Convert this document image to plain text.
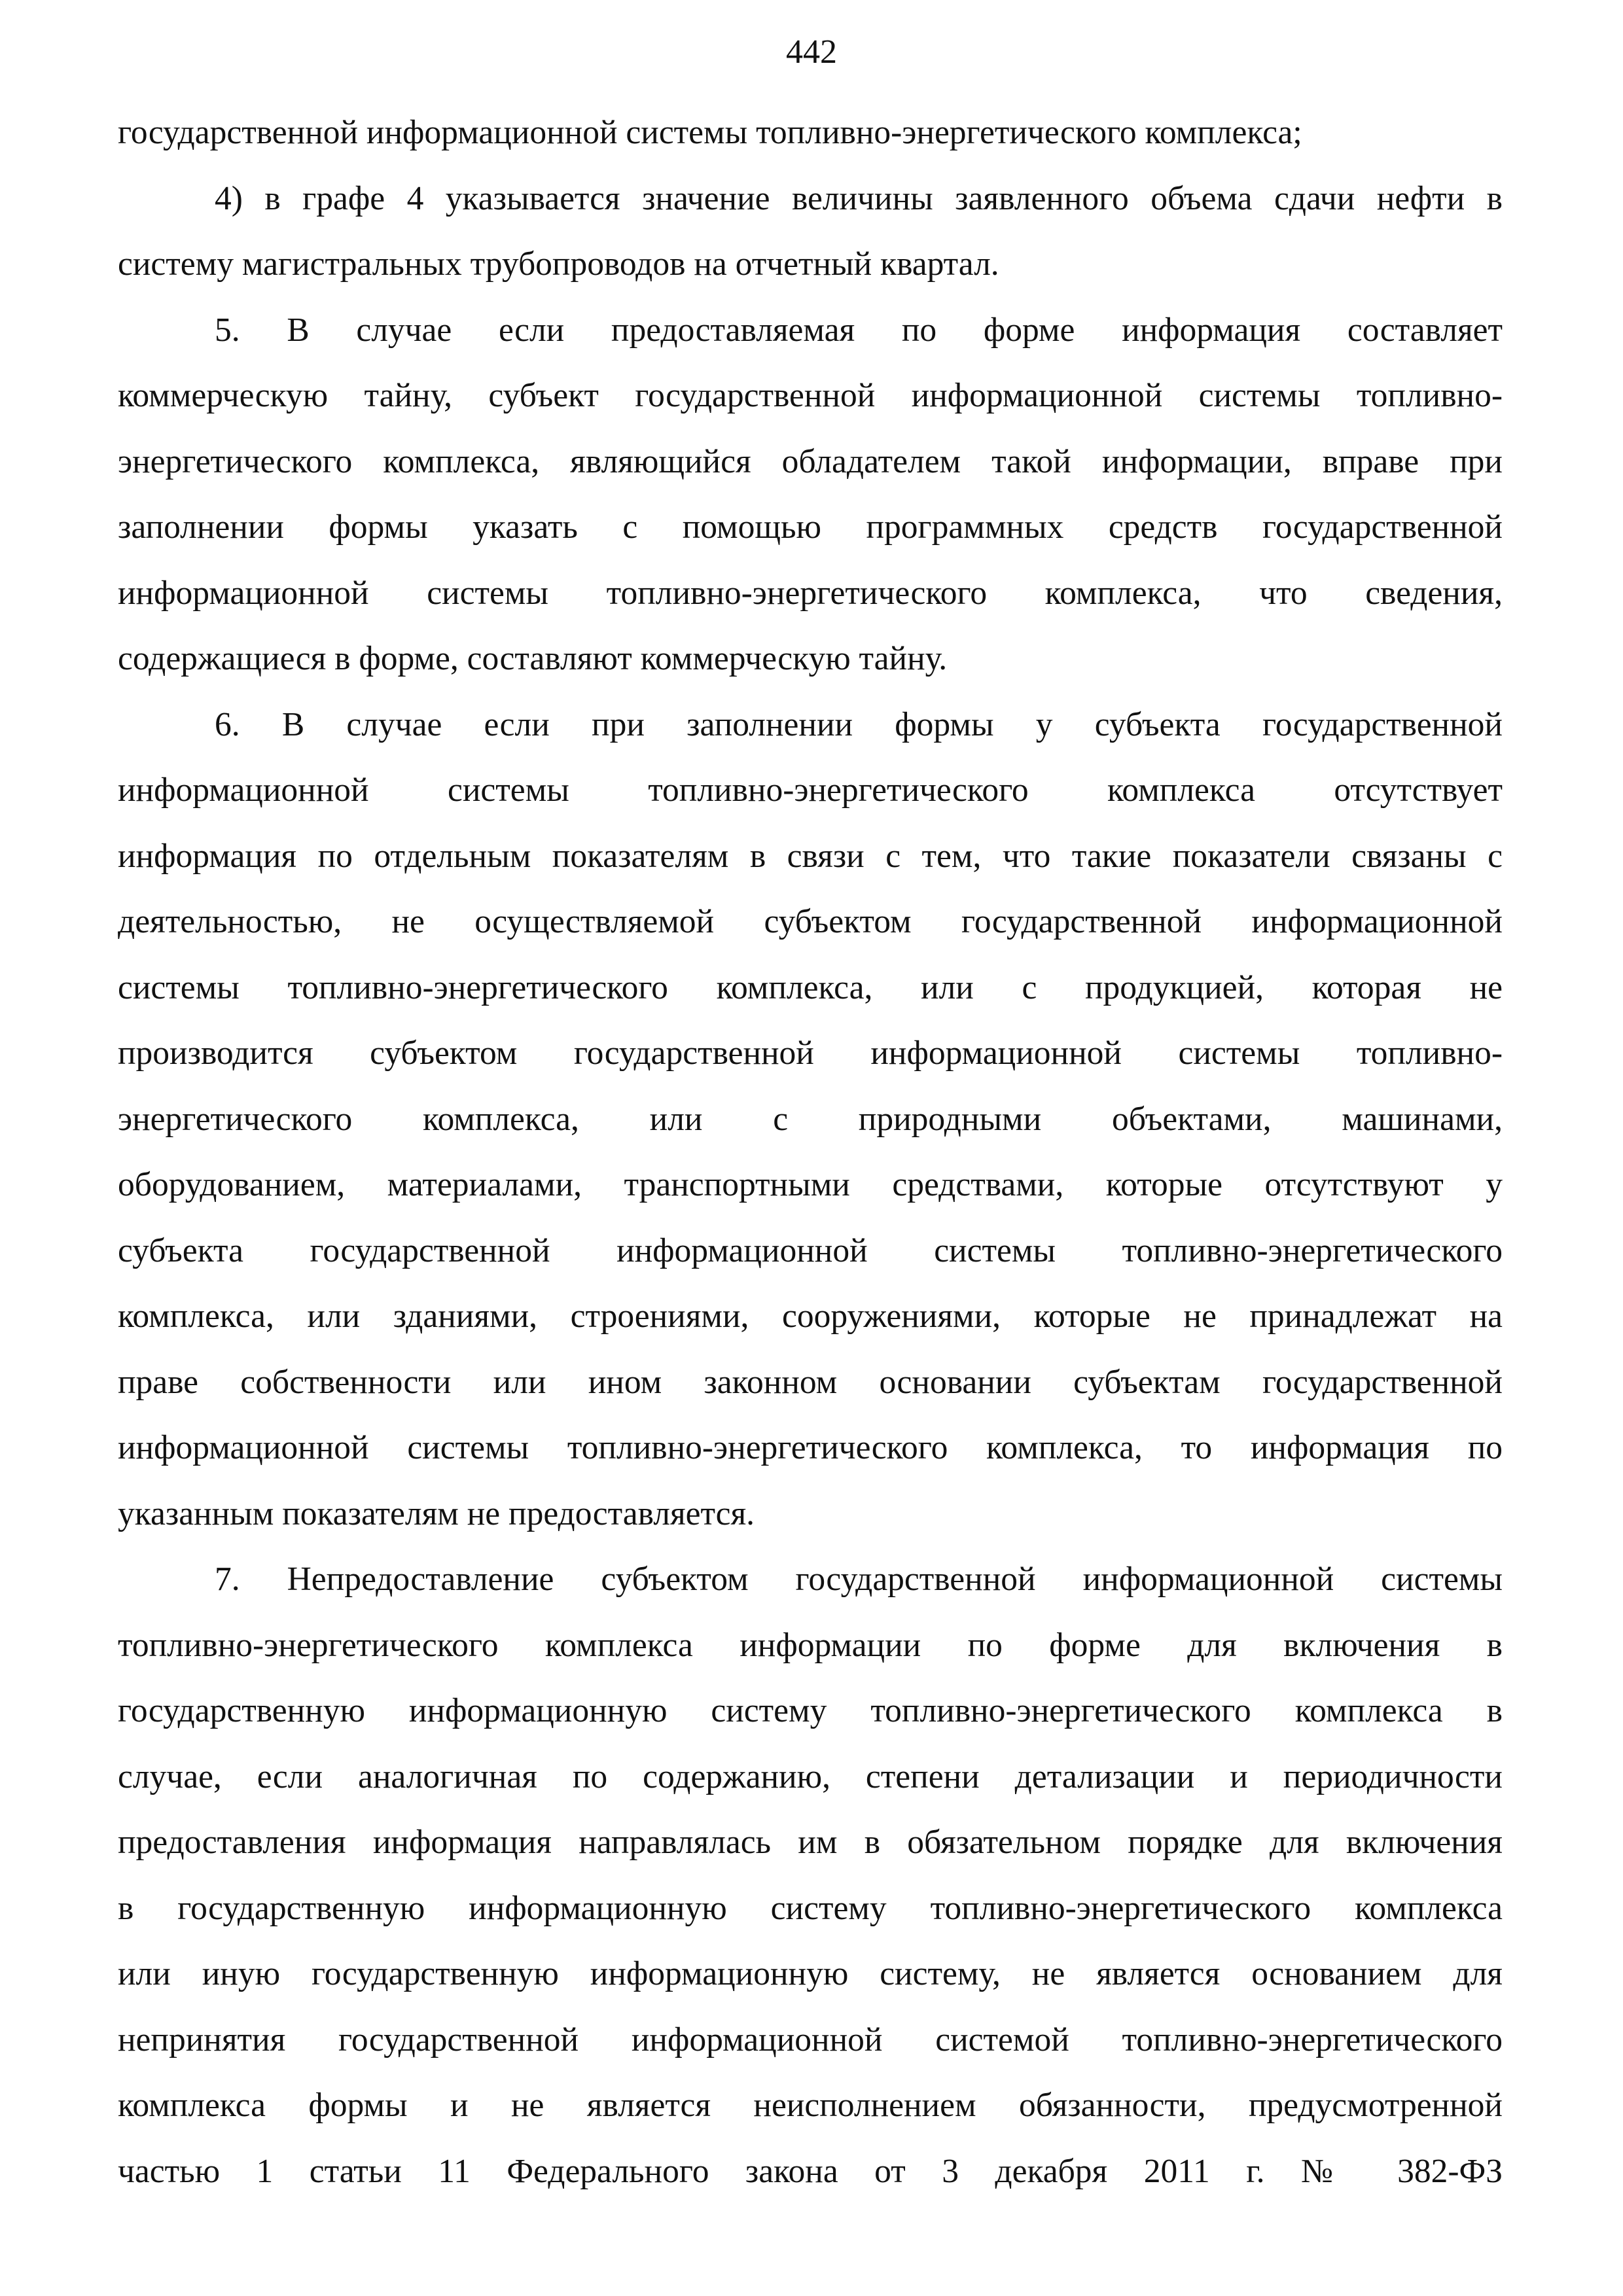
442
государственной информационной системы топливно-энергетического комплекса;
4) в графе 4 указывается значение величины заявленного объема сдачи нефти в
систему магистральных трубопроводов на отчетный квартал.
5. В случае если предоставляемая по форме информация составляет
коммерческую тайну, субъект государственной информационной системы топливно-
энергетического комплекса, являющийся обладателем такой информации, вправе при
заполнении формы указать с помощью программных средств государственной
информационной системы топливно-энергетического комплекса, что сведения,
содержащиеся в форме, составляют коммерческую тайну.
6. В случае если при заполнении формы у субъекта государственной
информационной системы топливно-энергетического комплекса отсутствует
информация по отдельным показателям в связи с тем, что такие показатели связаны с
деятельностью, не осуществляемой субъектом государственной информационной
системы топливно-энергетического комплекса, или с продукцией, которая не
производится субъектом государственной информационной системы топливно-
энергетического комплекса, или с природными объектами, машинами,
оборудованием, материалами, транспортными средствами, которые отсутствуют у
субъекта государственной информационной системы топливно-энергетического
комплекса, или зданиями, строениями, сооружениями, которые не принадлежат на
праве собственности или ином законном основании субъектам государственной
информационной системы топливно-энергетического комплекса, то информация по
указанным показателям не предоставляется.
7. Непредоставление субъектом государственной информационной системы
топливно-энергетического комплекса информации по форме для включения в
государственную информационную систему топливно-энергетического комплекса в
случае, если аналогичная по содержанию, степени детализации и периодичности
предоставления информация направлялась им в обязательном порядке для включения
в государственную информационную систему топливно-энергетического комплекса
или иную государственную информационную систему, не является основанием для
непринятия государственной информационной системой топливно-энергетического
комплекса формы и не является неисполнением обязанности, предусмотренной
частью 1 статьи 11 Федерального закона от 3 декабря 2011 г. № 382-ФЗ
